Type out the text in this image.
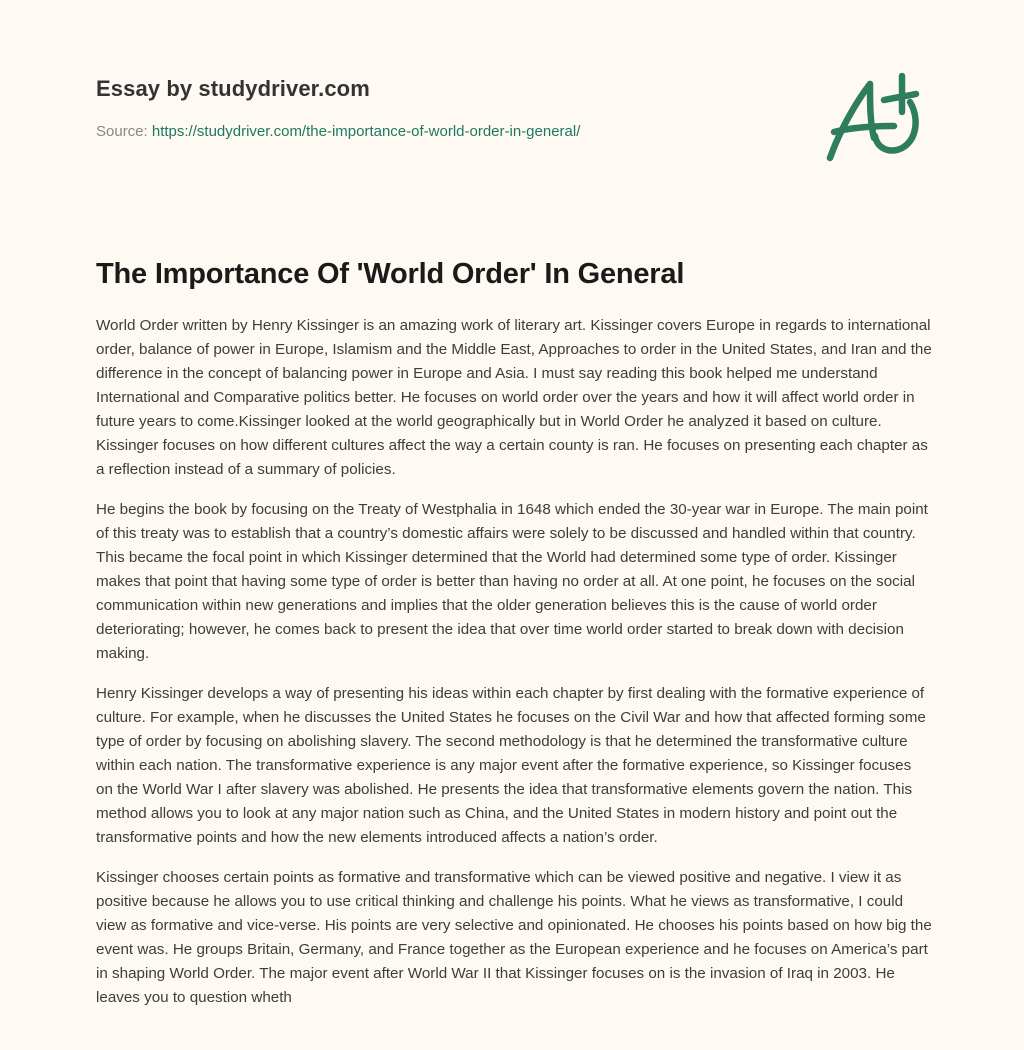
Essay by studydriver.com
Source: https://studydriver.com/the-importance-of-world-order-in-general/
The Importance Of 'World Order' In General

World Order written by Henry Kissinger is an amazing work of literary art. Kissinger covers Europe in regards to international order, balance of power in Europe, Islamism and the Middle East, Approaches to order in the United States, and Iran and the difference in the concept of balancing power in Europe and Asia. I must say reading this book helped me understand International and Comparative politics better. He focuses on world order over the years and how it will affect world order in future years to come.Kissinger looked at the world geographically but in World Order he analyzed it based on culture. Kissinger focuses on how different cultures affect the way a certain county is ran. He focuses on presenting each chapter as a reflection instead of a summary of policies.

He begins the book by focusing on the Treaty of Westphalia in 1648 which ended the 30-year war in Europe. The main point of this treaty was to establish that a country’s domestic affairs were solely to be discussed and handled within that country. This became the focal point in which Kissinger determined that the World had determined some type of order. Kissinger makes that point that having some type of order is better than having no order at all. At one point, he focuses on the social communication within new generations and implies that the older generation believes this is the cause of world order deteriorating; however, he comes back to present the idea that over time world order started to break down with decision making.

Henry Kissinger develops a way of presenting his ideas within each chapter by first dealing with the formative experience of culture. For example, when he discusses the United States he focuses on the Civil War and how that affected forming some type of order by focusing on abolishing slavery. The second methodology is that he determined the transformative culture within each nation. The transformative experience is any major event after the formative experience, so Kissinger focuses on the World War I after slavery was abolished. He presents the idea that transformative elements govern the nation. This method allows you to look at any major nation such as China, and the United States in modern history and point out the transformative points and how the new elements introduced affects a nation’s order.

Kissinger chooses certain points as formative and transformative which can be viewed positive and negative. I view it as positive because he allows you to use critical thinking and challenge his points. What he views as transformative, I could view as formative and vice-verse. His points are very selective and opinionated. He chooses his points based on how big the event was. He groups Britain, Germany, and France together as the European experience and he focuses on America’s part in shaping World Order. The major event after World War II that Kissinger focuses on is the invasion of Iraq in 2003. He leaves you to question wheth
